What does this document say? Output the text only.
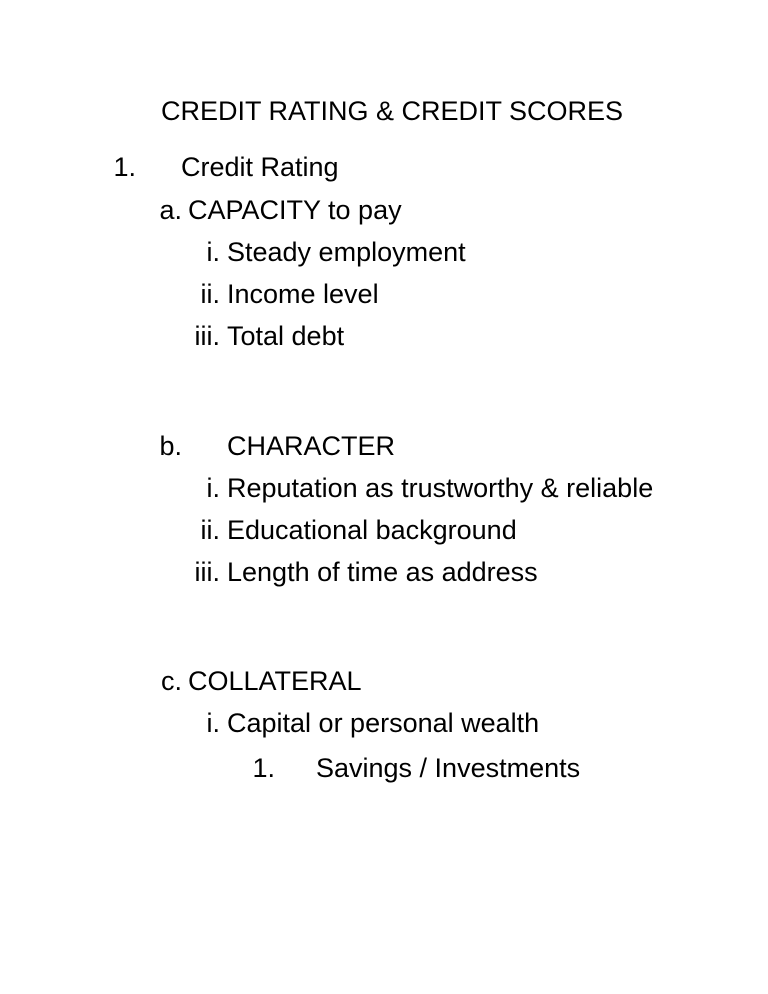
CREDIT RATING & CREDIT SCORES
1. Credit Rating
a. CAPACITY to pay
i. Steady employment
ii. Income level
iii. Total debt
b. CHARACTER
i. Reputation as trustworthy & reliable
ii. Educational background
iii. Length of time as address
c. COLLATERAL
i. Capital or personal wealth
1. Savings / Investments
